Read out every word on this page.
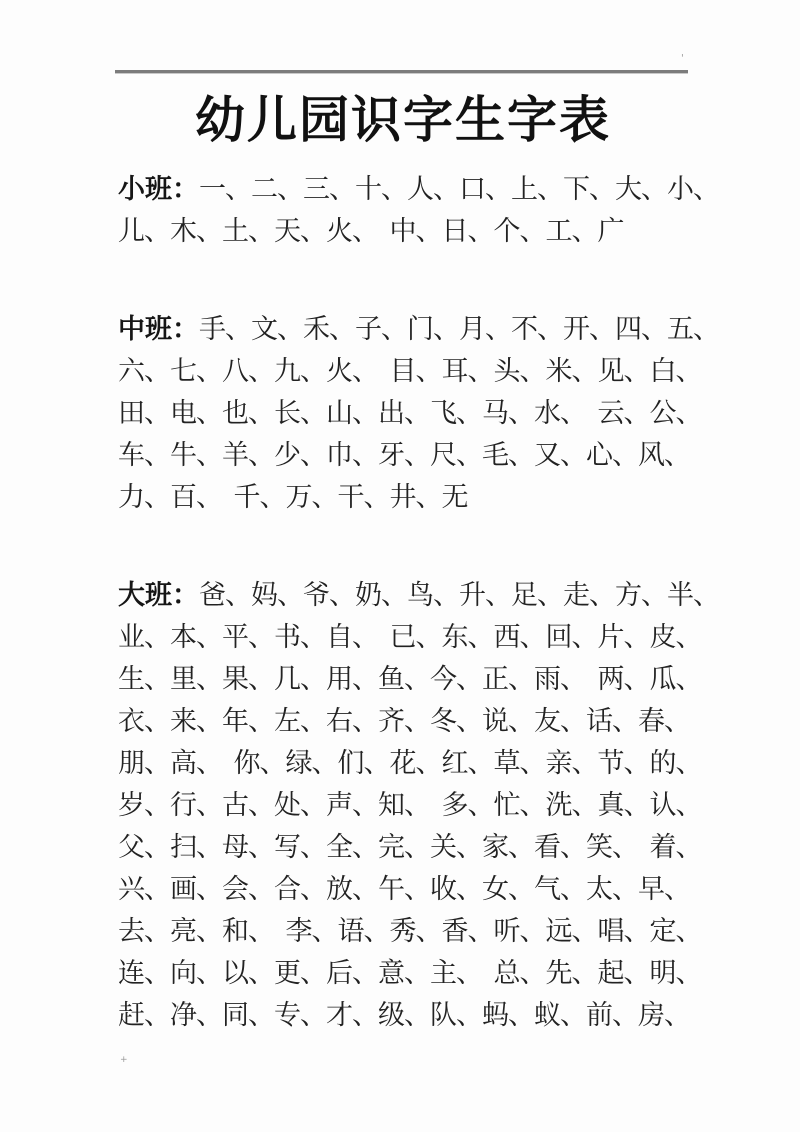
'
+
幼儿园识字生字表

小班：一、二、三、十、人、口、上、下、大、小、

儿、木、土、天、火、  中、日、个、工、广

中班：手、文、禾、子、门、月、不、开、四、五、

六、七、八、九、火、  目、耳、头、米、见、白、

田、电、也、长、山、出、飞、马、水、  云、公、

车、牛、羊、少、巾、牙、尺、毛、又、心、风、

力、百、  千、万、干、井、无

大班：爸、妈、爷、奶、鸟、升、足、走、方、半、

业、本、平、书、自、  已、东、西、回、片、皮、

生、里、果、几、用、鱼、今、正、雨、  两、瓜、

衣、来、年、左、右、齐、冬、说、友、话、春、

朋、高、  你、绿、们、花、红、草、亲、节、的、

岁、行、古、处、声、知、  多、忙、洗、真、认、

父、扫、母、写、全、完、关、家、看、笑、  着、

兴、画、会、合、放、午、收、女、气、太、早、

去、亮、和、  李、语、秀、香、听、远、唱、定、

连、向、以、更、后、意、主、  总、先、起、明、

赶、净、同、专、才、级、队、蚂、蚁、前、房、
